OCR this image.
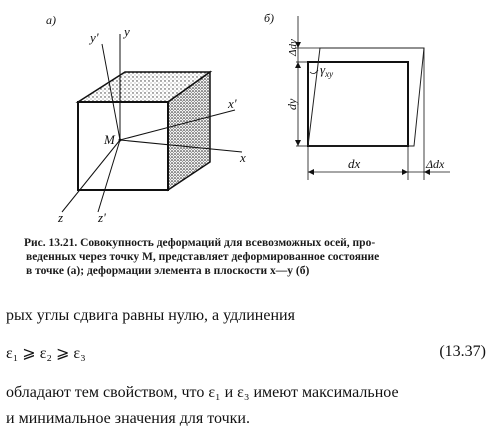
a)
y' y
x'
x
M
z	z'
б)
Δdy
dy
$\gamma_{xy}$
dx	Δdx
Рис. 13.21. Совокупность деформаций для всевозможных осей, про-
веденных через точку M, представляет деформированное состояние
в точке (а); деформации элемента в плоскости x—y (б)
рых углы сдвига равны нулю, а удлинения
ε₁ ⩾ ε₂ ⩾ ε₃	(13.37)
обладают тем свойством, что ε₁ и ε₃ имеют максимальное
и минимальное значения для точки.
